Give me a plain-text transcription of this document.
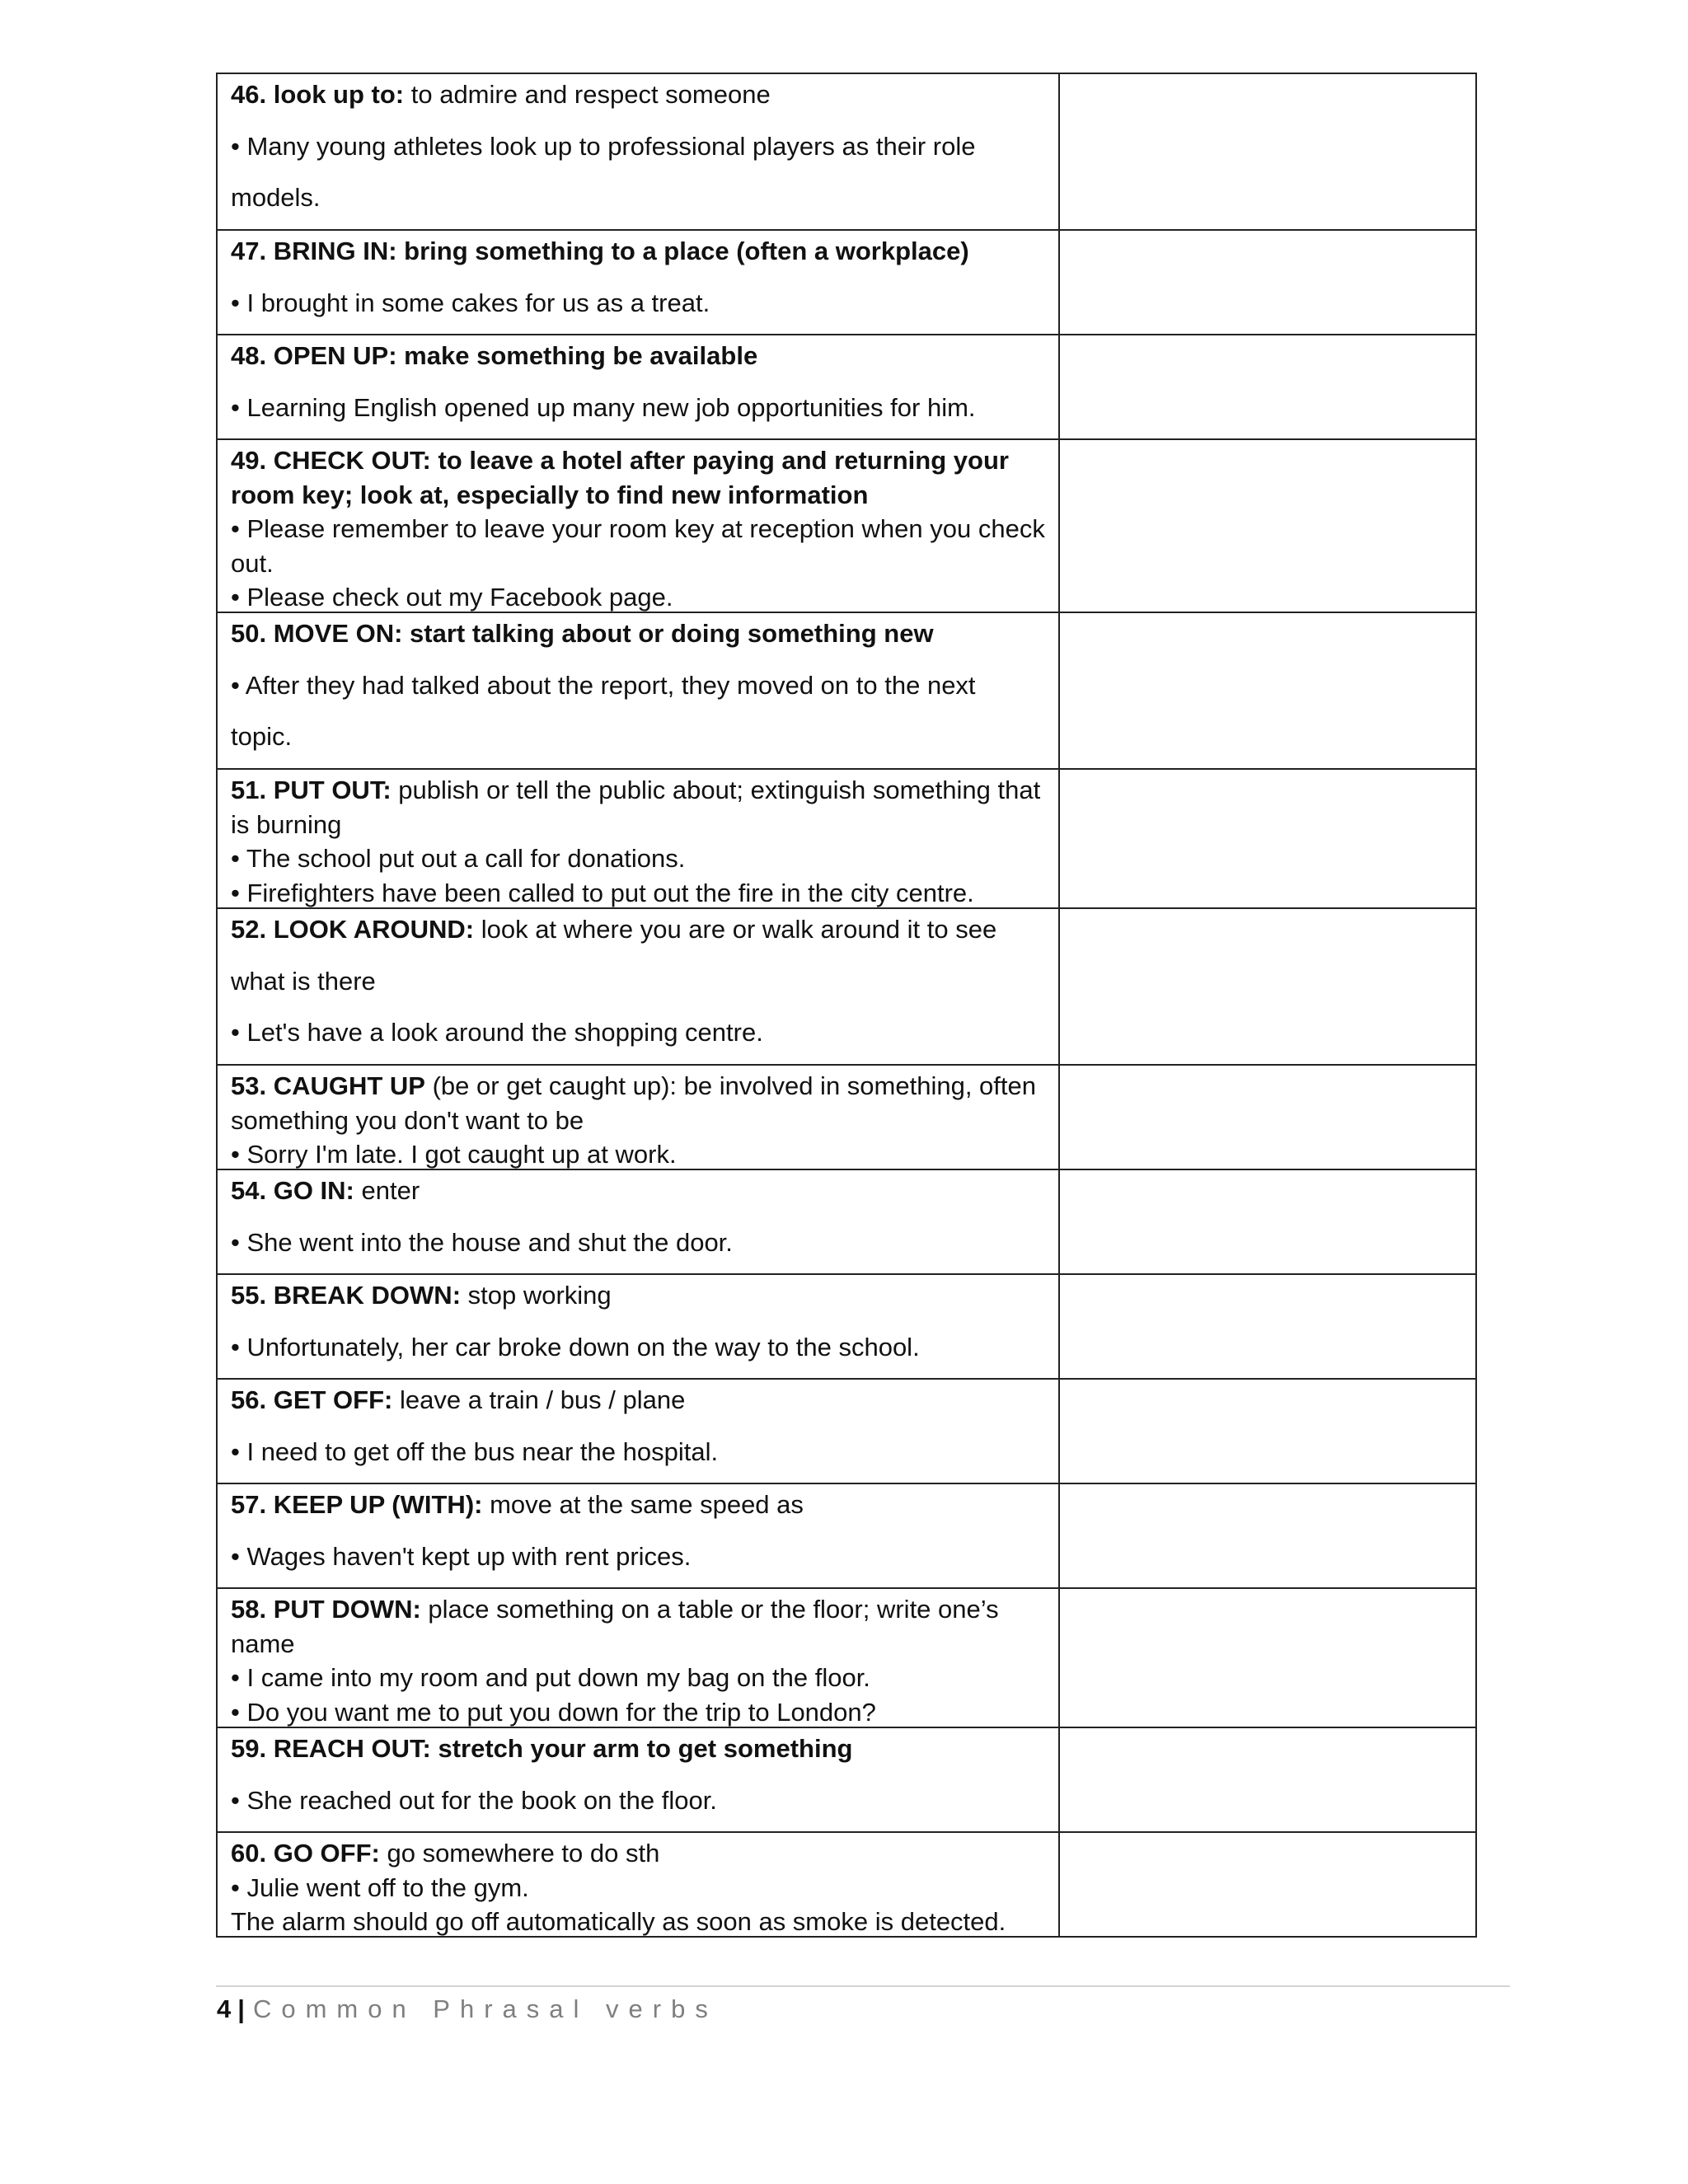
46. look up to: to admire and respect someone

• Many young athletes look up to professional players as their role

models.

47. BRING IN: bring something to a place (often a workplace)

• I brought in some cakes for us as a treat.

48. OPEN UP: make something be available

• Learning English opened up many new job opportunities for him.

49. CHECK OUT: to leave a hotel after paying and returning your room key; look at, especially to find new information

• Please remember to leave your room key at reception when you check out.

• Please check out my Facebook page.

50. MOVE ON: start talking about or doing something new

• After they had talked about the report, they moved on to the next

topic.

51. PUT OUT: publish or tell the public about; extinguish something that is burning

• The school put out a call for donations.

• Firefighters have been called to put out the fire in the city centre.

52. LOOK AROUND: look at where you are or walk around it to see

what is there

• Let's have a look around the shopping centre.

53. CAUGHT UP (be or get caught up): be involved in something, often something you don't want to be

• Sorry I'm late. I got caught up at work.

54. GO IN: enter

• She went into the house and shut the door.

55. BREAK DOWN: stop working

• Unfortunately, her car broke down on the way to the school.

56. GET OFF: leave a train / bus / plane

• I need to get off the bus near the hospital.

57. KEEP UP (WITH): move at the same speed as

• Wages haven't kept up with rent prices.

58. PUT DOWN: place something on a table or the floor; write one’s name

• I came into my room and put down my bag on the floor.

• Do you want me to put you down for the trip to London?

59. REACH OUT: stretch your arm to get something

• She reached out for the book on the floor.

60. GO OFF: go somewhere to do sth

• Julie went off to the gym.

The alarm should go off automatically as soon as smoke is detected.

4 | Common Phrasal verbs
